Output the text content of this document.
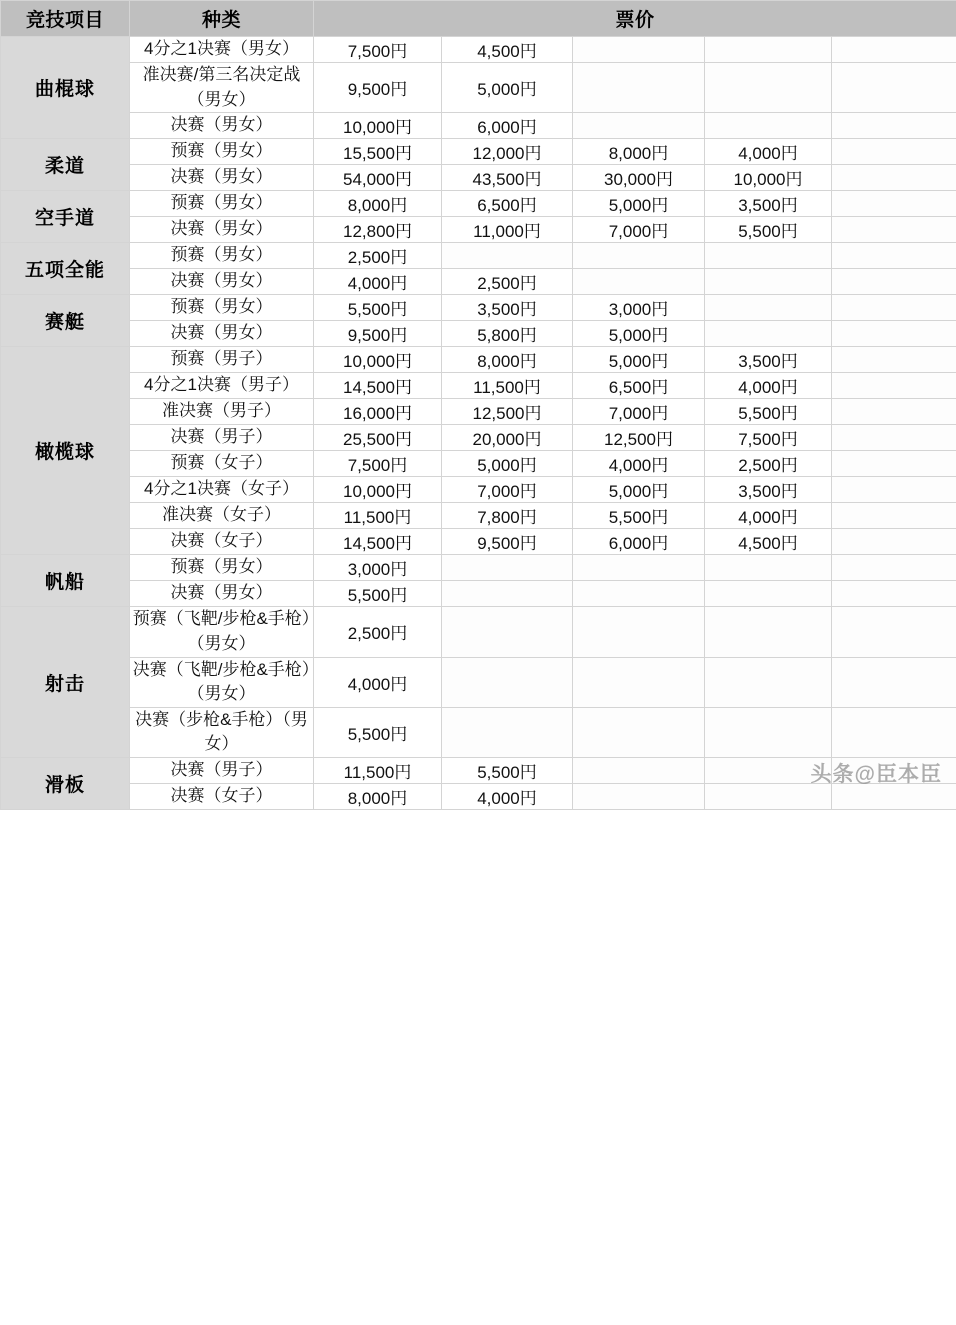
竞技项目	种类	票价				
曲棍球	4分之1决赛（男女）	7,500円	4,500円			
	准决赛/第三名决定战（男女）	9,500円	5,000円			
	决赛（男女）	10,000円	6,000円			
柔道	预赛（男女）	15,500円	12,000円	8,000円	4,000円	
	决赛（男女）	54,000円	43,500円	30,000円	10,000円	
空手道	预赛（男女）	8,000円	6,500円	5,000円	3,500円	
	决赛（男女）	12,800円	11,000円	7,000円	5,500円	
五项全能	预赛（男女）	2,500円				
	决赛（男女）	4,000円	2,500円			
赛艇	预赛（男女）	5,500円	3,500円	3,000円		
	决赛（男女）	9,500円	5,800円	5,000円		
橄榄球	预赛（男子）	10,000円	8,000円	5,000円	3,500円	
	4分之1决赛（男子）	14,500円	11,500円	6,500円	4,000円	
	准决赛（男子）	16,000円	12,500円	7,000円	5,500円	
	决赛（男子）	25,500円	20,000円	12,500円	7,500円	
	预赛（女子）	7,500円	5,000円	4,000円	2,500円	
	4分之1决赛（女子）	10,000円	7,000円	5,000円	3,500円	
	准决赛（女子）	11,500円	7,800円	5,500円	4,000円	
	决赛（女子）	14,500円	9,500円	6,000円	4,500円	
帆船	预赛（男女）	3,000円				
	决赛（男女）	5,500円				
射击	预赛（飞靶/步枪&手枪）（男女）	2,500円				
	决赛（飞靶/步枪&手枪）（男女）	4,000円				
	决赛（步枪&手枪）（男女）	5,500円				
滑板	决赛（男子）	11,500円	5,500円			
	决赛（女子）	8,000円	4,000円			
头条@臣本臣
